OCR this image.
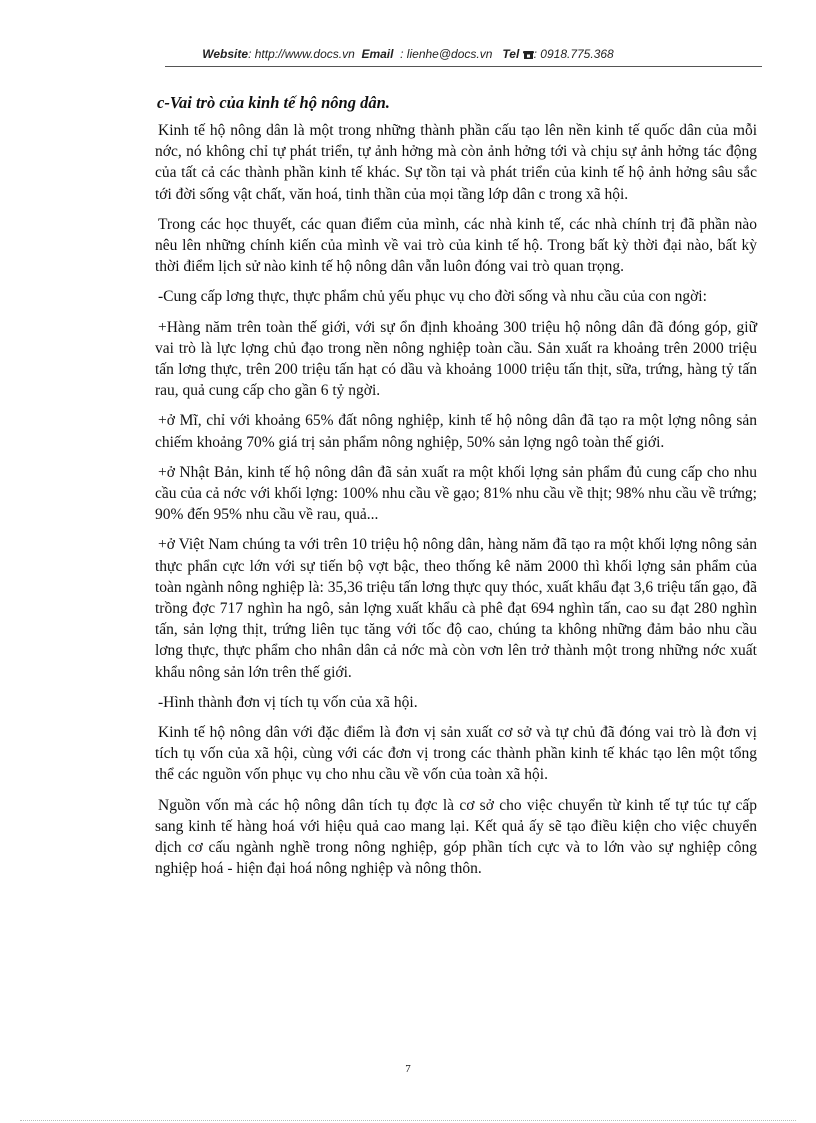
Website: http://www.docs.vn Email : lienhe@docs.vn Tel : 0918.775.368
c-Vai trò của kinh tế hộ nông dân.

Kinh tế hộ nông dân là một trong những thành phần cấu tạo lên nền kinh tế quốc dân của mỗi nớc, nó không chỉ tự phát triển, tự ảnh hởng mà còn ảnh hởng tới và chịu sự ảnh hởng tác động của tất cả các thành phần kinh tế khác. Sự tồn tại và phát triển của kinh tế hộ ảnh hởng sâu sắc tới đời sống vật chất, văn hoá, tinh thần của mọi tầng lớp dân c trong xã hội.

Trong các học thuyết, các quan điểm của mình, các nhà kinh tế, các nhà chính trị đã phần nào nêu lên những chính kiến của mình về vai trò của kinh tế hộ. Trong bất kỳ thời đại nào, bất kỳ thời điểm lịch sử nào kinh tế hộ nông dân vẫn luôn đóng vai trò quan trọng.

-Cung cấp lơng thực, thực phẩm chủ yếu phục vụ cho đời sống và nhu cầu của con ngời:

+Hàng năm trên toàn thế giới, với sự ổn định khoảng 300 triệu hộ nông dân đã đóng góp, giữ vai trò là lực lợng chủ đạo trong nền nông nghiệp toàn cầu. Sản xuất ra khoảng trên 2000 triệu tấn lơng thực, trên 200 triệu tấn hạt có dầu và khoảng 1000 triệu tấn thịt, sữa, trứng, hàng tỷ tấn rau, quả cung cấp cho gần 6 tỷ ngời.

+ở Mĩ, chỉ với khoảng 65% đất nông nghiệp, kinh tế hộ nông dân đã tạo ra một lợng nông sản chiếm khoảng 70% giá trị sản phẩm nông nghiệp, 50% sản lợng ngô toàn thế giới.

+ở Nhật Bản, kinh tế hộ nông dân đã sản xuất ra một khối lợng sản phẩm đủ cung cấp cho nhu cầu của cả nớc với khối lợng: 100% nhu cầu về gạo; 81% nhu cầu về thịt; 98% nhu cầu về trứng; 90% đến 95% nhu cầu về rau, quả...

+ở Việt Nam chúng ta với trên 10 triệu hộ nông dân, hàng năm đã tạo ra một khối lợng nông sản thực phẩn cực lớn với sự tiến bộ vợt bậc, theo thống kê năm 2000 thì khối lợng sản phẩm của toàn ngành nông nghiệp là: 35,36 triệu tấn lơng thực quy thóc, xuất khẩu đạt 3,6 triệu tấn gạo, đã trồng đợc 717 nghìn ha ngô, sản lợng xuất khẩu cà phê đạt 694 nghìn tấn, cao su đạt 280 nghìn tấn, sản lợng thịt, trứng liên tục tăng với tốc độ cao, chúng ta không những đảm bảo nhu cầu lơng thực, thực phẩm cho nhân dân cả nớc mà còn vơn lên trở thành một trong những nớc xuất khẩu nông sản lớn trên thế giới.

-Hình thành đơn vị tích tụ vốn của xã hội.

Kinh tế hộ nông dân với đặc điểm là đơn vị sản xuất cơ sở và tự chủ đã đóng vai trò là đơn vị tích tụ vốn của xã hội, cùng với các đơn vị trong các thành phần kinh tế khác tạo lên một tổng thể các nguồn vốn phục vụ cho nhu cầu về vốn của toàn xã hội.

Nguồn vốn mà các hộ nông dân tích tụ đợc là cơ sở cho việc chuyển từ kinh tế tự túc tự cấp sang kinh tế hàng hoá với hiệu quả cao mang lại. Kết quả ấy sẽ tạo điều kiện cho việc chuyển dịch cơ cấu ngành nghề trong nông nghiệp, góp phần tích cực và to lớn vào sự nghiệp công nghiệp hoá - hiện đại hoá nông nghiệp và nông thôn.

7
